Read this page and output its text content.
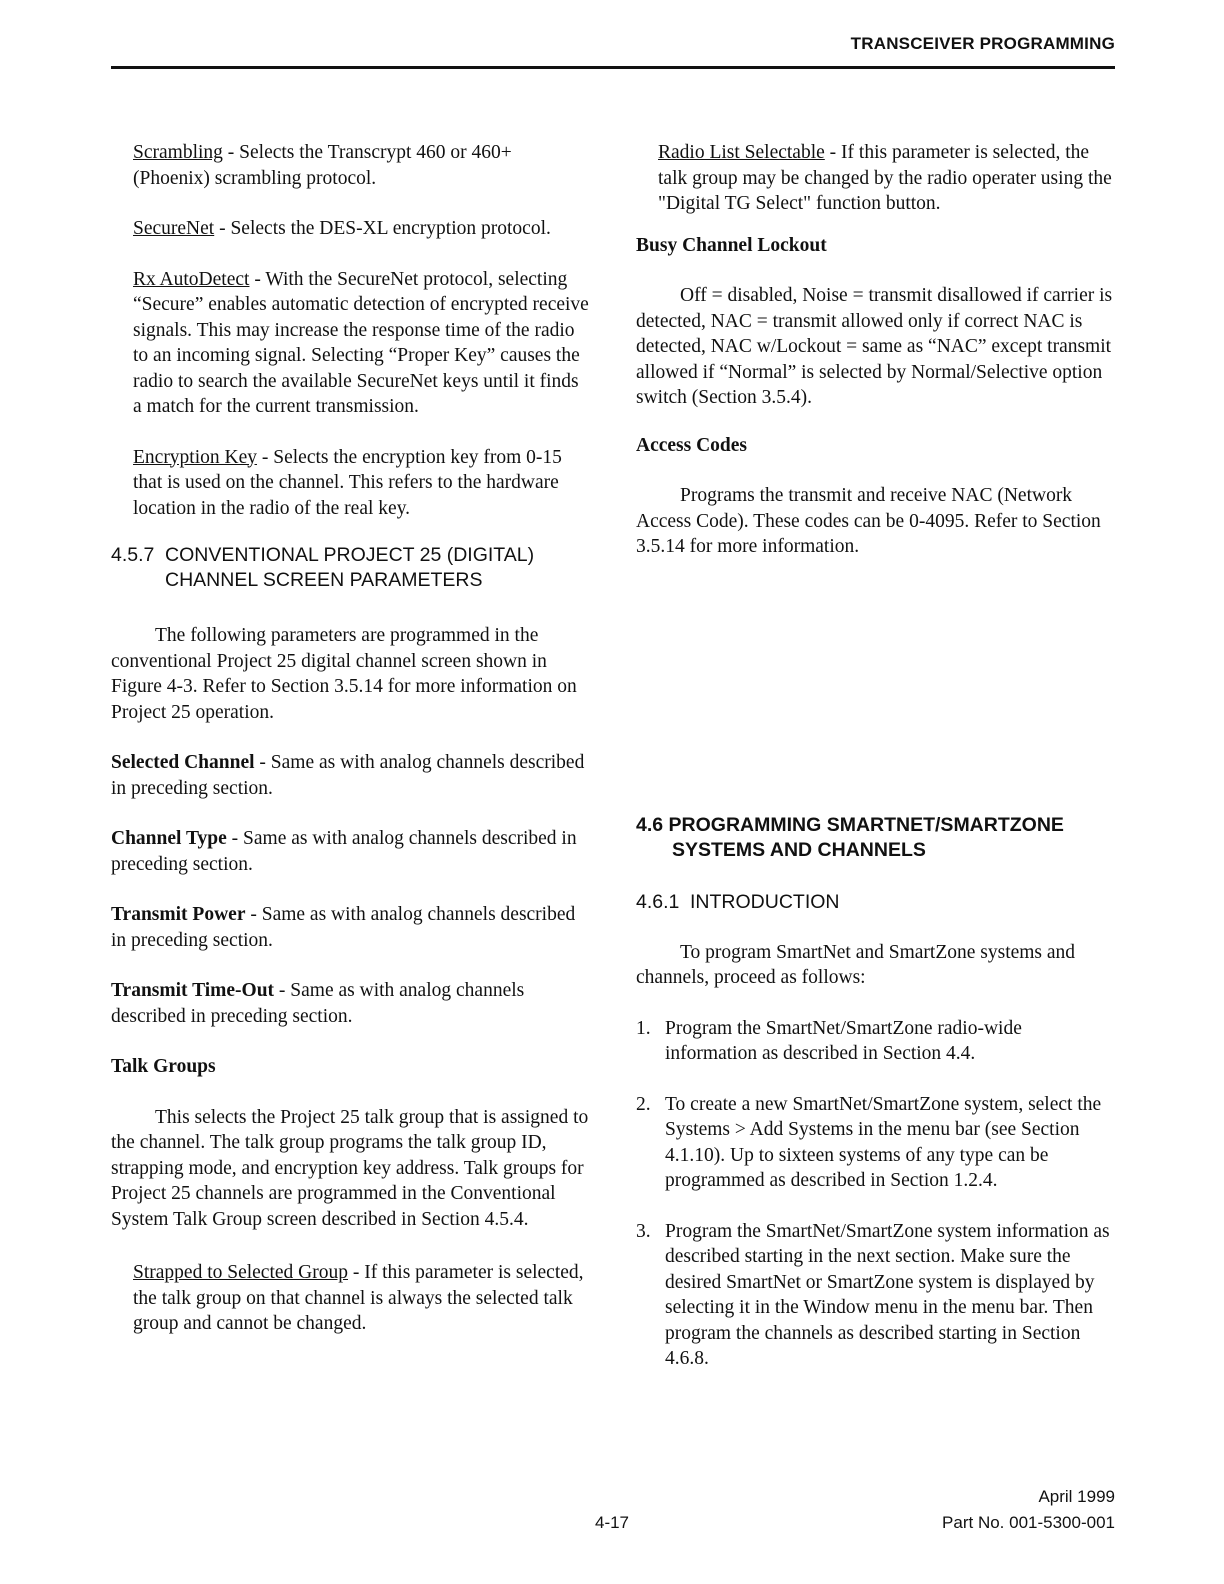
TRANSCEIVER PROGRAMMING

Scrambling - Selects the Transcrypt 460 or 460+ (Phoenix) scrambling protocol.

SecureNet - Selects the DES-XL encryption protocol.

Rx AutoDetect - With the SecureNet protocol, selecting “Secure” enables automatic detection of encrypted receive signals. This may increase the response time of the radio to an incoming signal. Selecting “Proper Key” causes the radio to search the available SecureNet keys until it finds a match for the current transmission.

Encryption Key - Selects the encryption key from 0-15 that is used on the channel. This refers to the hardware location in the radio of the real key.

4.5.7 CONVENTIONAL PROJECT 25 (DIGITAL)
CHANNEL SCREEN PARAMETERS

The following parameters are programmed in the conventional Project 25 digital channel screen shown in Figure 4-3. Refer to Section 3.5.14 for more information on Project 25 operation.

Selected Channel - Same as with analog channels described in preceding section.

Channel Type - Same as with analog channels described in preceding section.

Transmit Power - Same as with analog channels described in preceding section.

Transmit Time-Out - Same as with analog channels described in preceding section.

Talk Groups

This selects the Project 25 talk group that is assigned to the channel. The talk group programs the talk group ID, strapping mode, and encryption key address. Talk groups for Project 25 channels are programmed in the Conventional System Talk Group screen described in Section 4.5.4.

Strapped to Selected Group - If this parameter is selected, the talk group on that channel is always the selected talk group and cannot be changed.

Radio List Selectable - If this parameter is selected, the talk group may be changed by the radio operater using the "Digital TG Select" function button.

Busy Channel Lockout

Off = disabled, Noise = transmit disallowed if carrier is detected, NAC = transmit allowed only if correct NAC is detected, NAC w/Lockout = same as “NAC” except transmit allowed if “Normal” is selected by Normal/Selective option switch (Section 3.5.4).

Access Codes

Programs the transmit and receive NAC (Network Access Code). These codes can be 0-4095. Refer to Section 3.5.14 for more information.

4.6 PROGRAMMING SMARTNET/SMARTZONE
SYSTEMS AND CHANNELS
4.6.1 INTRODUCTION

To program SmartNet and SmartZone systems and channels, proceed as follows:

1. Program the SmartNet/SmartZone radio-wide information as described in Section 4.4.
2. To create a new SmartNet/SmartZone system, select the Systems > Add Systems in the menu bar (see Section 4.1.10). Up to sixteen systems of any type can be programmed as described in Section 1.2.4.
3. Program the SmartNet/SmartZone system information as described starting in the next section. Make sure the desired SmartNet or SmartZone system is displayed by selecting it in the Window menu in the menu bar. Then program the channels as described starting in Section 4.6.8.
4-17
April 1999
Part No. 001-5300-001
